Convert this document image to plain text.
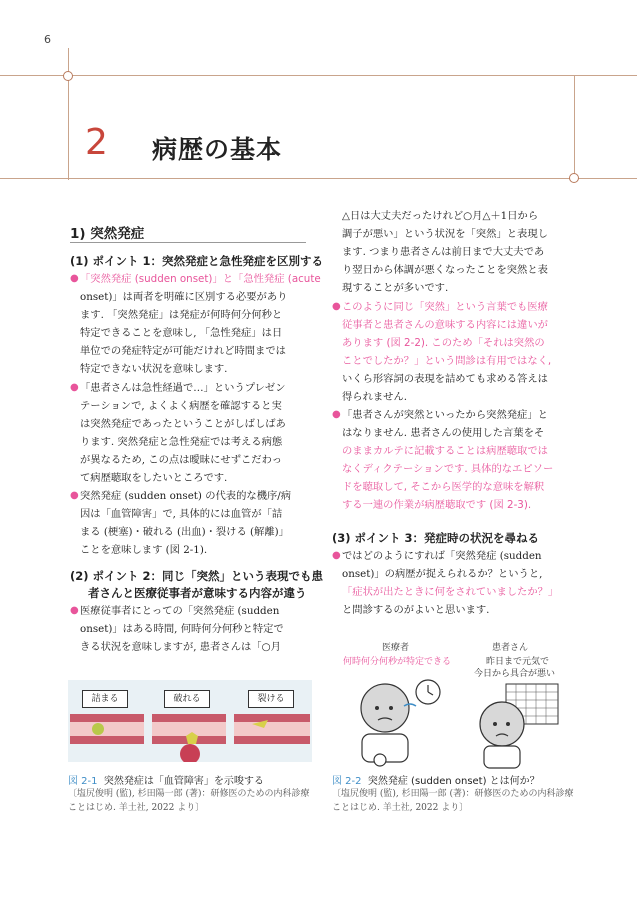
6
2 病歴の基本
1) 突然発症
(1) ポイント 1：突然発症と急性発症を区別する
● 「突然発症 (sudden onset)」と「急性発症 (acute
onset)」は両者を明確に区別する必要があり
ます. 「突然発症」は発症が何時何分何秒と
特定できることを意味し, 「急性発症」は日
単位での発症特定が可能だけれど時間までは
特定できない状況を意味します.
● 「患者さんは急性経過で…」というプレゼン
テーションで, よくよく病歴を確認すると実
は突然発症であったということがしばしばあ
ります. 突然発症と急性発症では考える病態
が異なるため, この点は曖昧にせずこだわっ
て病歴聴取をしたいところです.
● 突然発症 (sudden onset) の代表的な機序/病
因は「血管障害」で, 具体的には血管が「詰
まる (梗塞)・破れる (出血)・裂ける (解離)」
ことを意味します (図 2-1).
(2) ポイント 2：同じ「突然」という表現でも患
者さんと医療従事者が意味する内容が違う
● 医療従事者にとっての「突然発症 (sudden
onset)」はある時間, 何時何分何秒と特定で
きる状況を意味しますが, 患者さんは「○月
詰まる	破れる	裂ける
図 2-1 突然発症は「血管障害」を示唆する
〔塩尻俊明 (監), 杉田陽一郎 (著)：研修医のための内科診療
ことはじめ. 羊土社, 2022 より〕
△日は大丈夫だったけれど○月△＋1日から
調子が悪い」という状況を「突然」と表現し
ます. つまり患者さんは前日まで大丈夫であ
り翌日から体調が悪くなったことを突然と表
現することが多いです.
● このように同じ「突然」という言葉でも医療
従事者と患者さんの意味する内容には違いが
あります (図 2-2). このため「それは突然の
ことでしたか？」という問診は有用ではなく,
いくら形容詞の表現を詰めても求める答えは
得られません.
● 「患者さんが突然といったから突然発症」と
はなりません. 患者さんの使用した言葉をそ
のままカルテに記載することは病歴聴取では
なくディクテーションです. 具体的なエピソー
ドを聴取して, そこから医学的な意味を解釈
する一連の作業が病歴聴取です (図 2-3).
(3) ポイント 3：発症時の状況を尋ねる
● ではどのようにすれば「突然発症 (sudden
onset)」の病歴が捉えられるか？というと,
「症状が出たときに何をされていましたか？」
と問診するのがよいと思います.
医療者
何時何分何秒が特定できる
患者さん
昨日まで元気で
今日から具合が悪い
図 2-2 突然発症 (sudden onset) とは何か？
〔塩尻俊明 (監), 杉田陽一郎 (著)：研修医のための内科診療
ことはじめ. 羊土社, 2022 より〕
